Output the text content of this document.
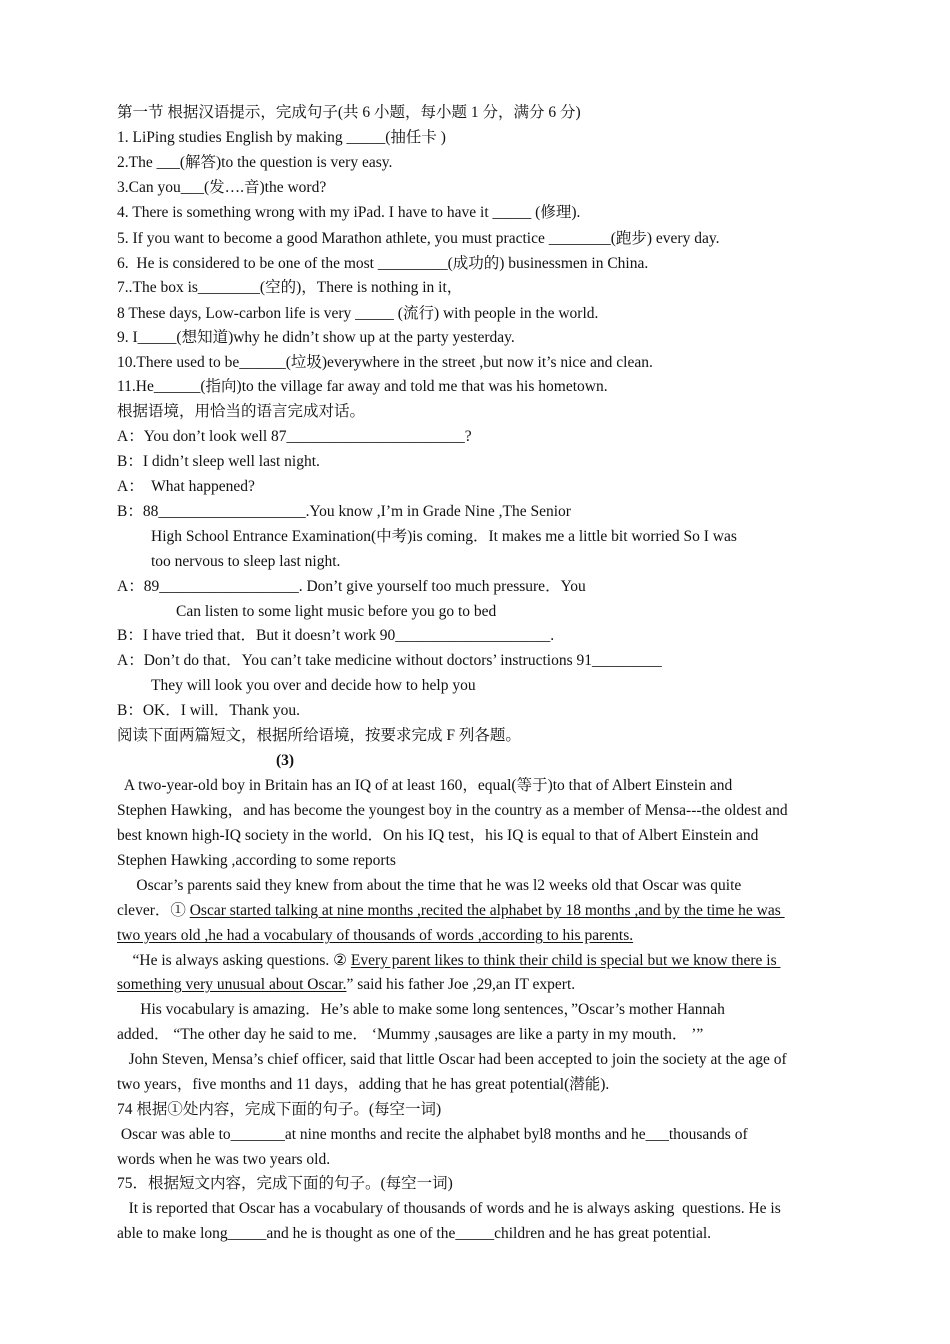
第一节 根据汉语提示，完成句子(共 6 小题，每小题 1 分，满分 6 分)
1. LiPing studies English by making _____(抽任卡 )
2.The ___(解答)to the question is very easy.
3.Can you___(发….音)the word?
4. There is something wrong with my iPad. I have to have it _____ (修理).
5. If you want to become a good Marathon athlete, you must practice ________(跑步) every day.
6.  He is considered to be one of the most _________(成功的) businessmen in China.
7..The box is________(空的)，There is nothing in it，
8 These days, Low-carbon life is very _____ (流行) with people in the world.
9. I_____(想知道)why he didn’t show up at the party yesterday.
10.There used to be______(垃圾)everywhere in the street ,but now it’s nice and clean.
11.He______(指向)to the village far away and told me that was his hometown.
根据语境，用恰当的语言完成对话。
A：You don’t look well 87_______________________?
B：I didn’t sleep well last night.
A：  What happened?
B：88___________________.You know ,I’m in Grade Nine ,The Senior
High School Entrance Examination(中考)is coming．It makes me a little bit worried So I was
too nervous to sleep last night.
A：89__________________. Don’t give yourself too much pressure．You
Can listen to some light music before you go to bed
B：I have tried that．But it doesn’t work 90____________________.
A：Don’t do that．You can’t take medicine without doctors’ instructions 91_________
They will look you over and decide how to help you
B：OK．I will．Thank you.
阅读下面两篇短文，根据所给语境，按要求完成 F 列各题。
(3)
A two-year-old boy in Britain has an IQ of at least 160，equal(等于)to that of Albert Einstein and
Stephen Hawking，and has become the youngest boy in the country as a member of Mensa---the oldest and
best known high-IQ society in the world．On his IQ test，his IQ is equal to that of Albert Einstein and
Stephen Hawking ,according to some reports
Oscar’s parents said they knew from about the time that he was l2 weeks old that Oscar was quite
clever．① Oscar started talking at nine months ,recited the alphabet by 18 months ,and by the time he was
two years old ,he had a vocabulary of thousands of words ,according to his parents.
“He is always asking questions. ② Every parent likes to think their child is special but we know there is
something very unusual about Oscar.” said his father Joe ,29,an IT expert.
His vocabulary is amazing．He’s able to make some long sentences，”Oscar’s mother Hannah
added． “The other day he said to me． ‘Mummy ,sausages are like a party in my mouth． ’”
John Steven, Mensa’s chief officer, said that little Oscar had been accepted to join the society at the age of
two years，five months and 11 days，adding that he has great potential(潜能).
74 根据①处内容，完成下面的句子。(每空一词)
Oscar was able to_______at nine months and recite the alphabet byl8 months and he___thousands of
words when he was two years old.
75．根据短文内容，完成下面的句子。(每空一词)
It is reported that Oscar has a vocabulary of thousands of words and he is always asking  questions. He is
able to make long_____and he is thought as one of the_____children and he has great potential.
